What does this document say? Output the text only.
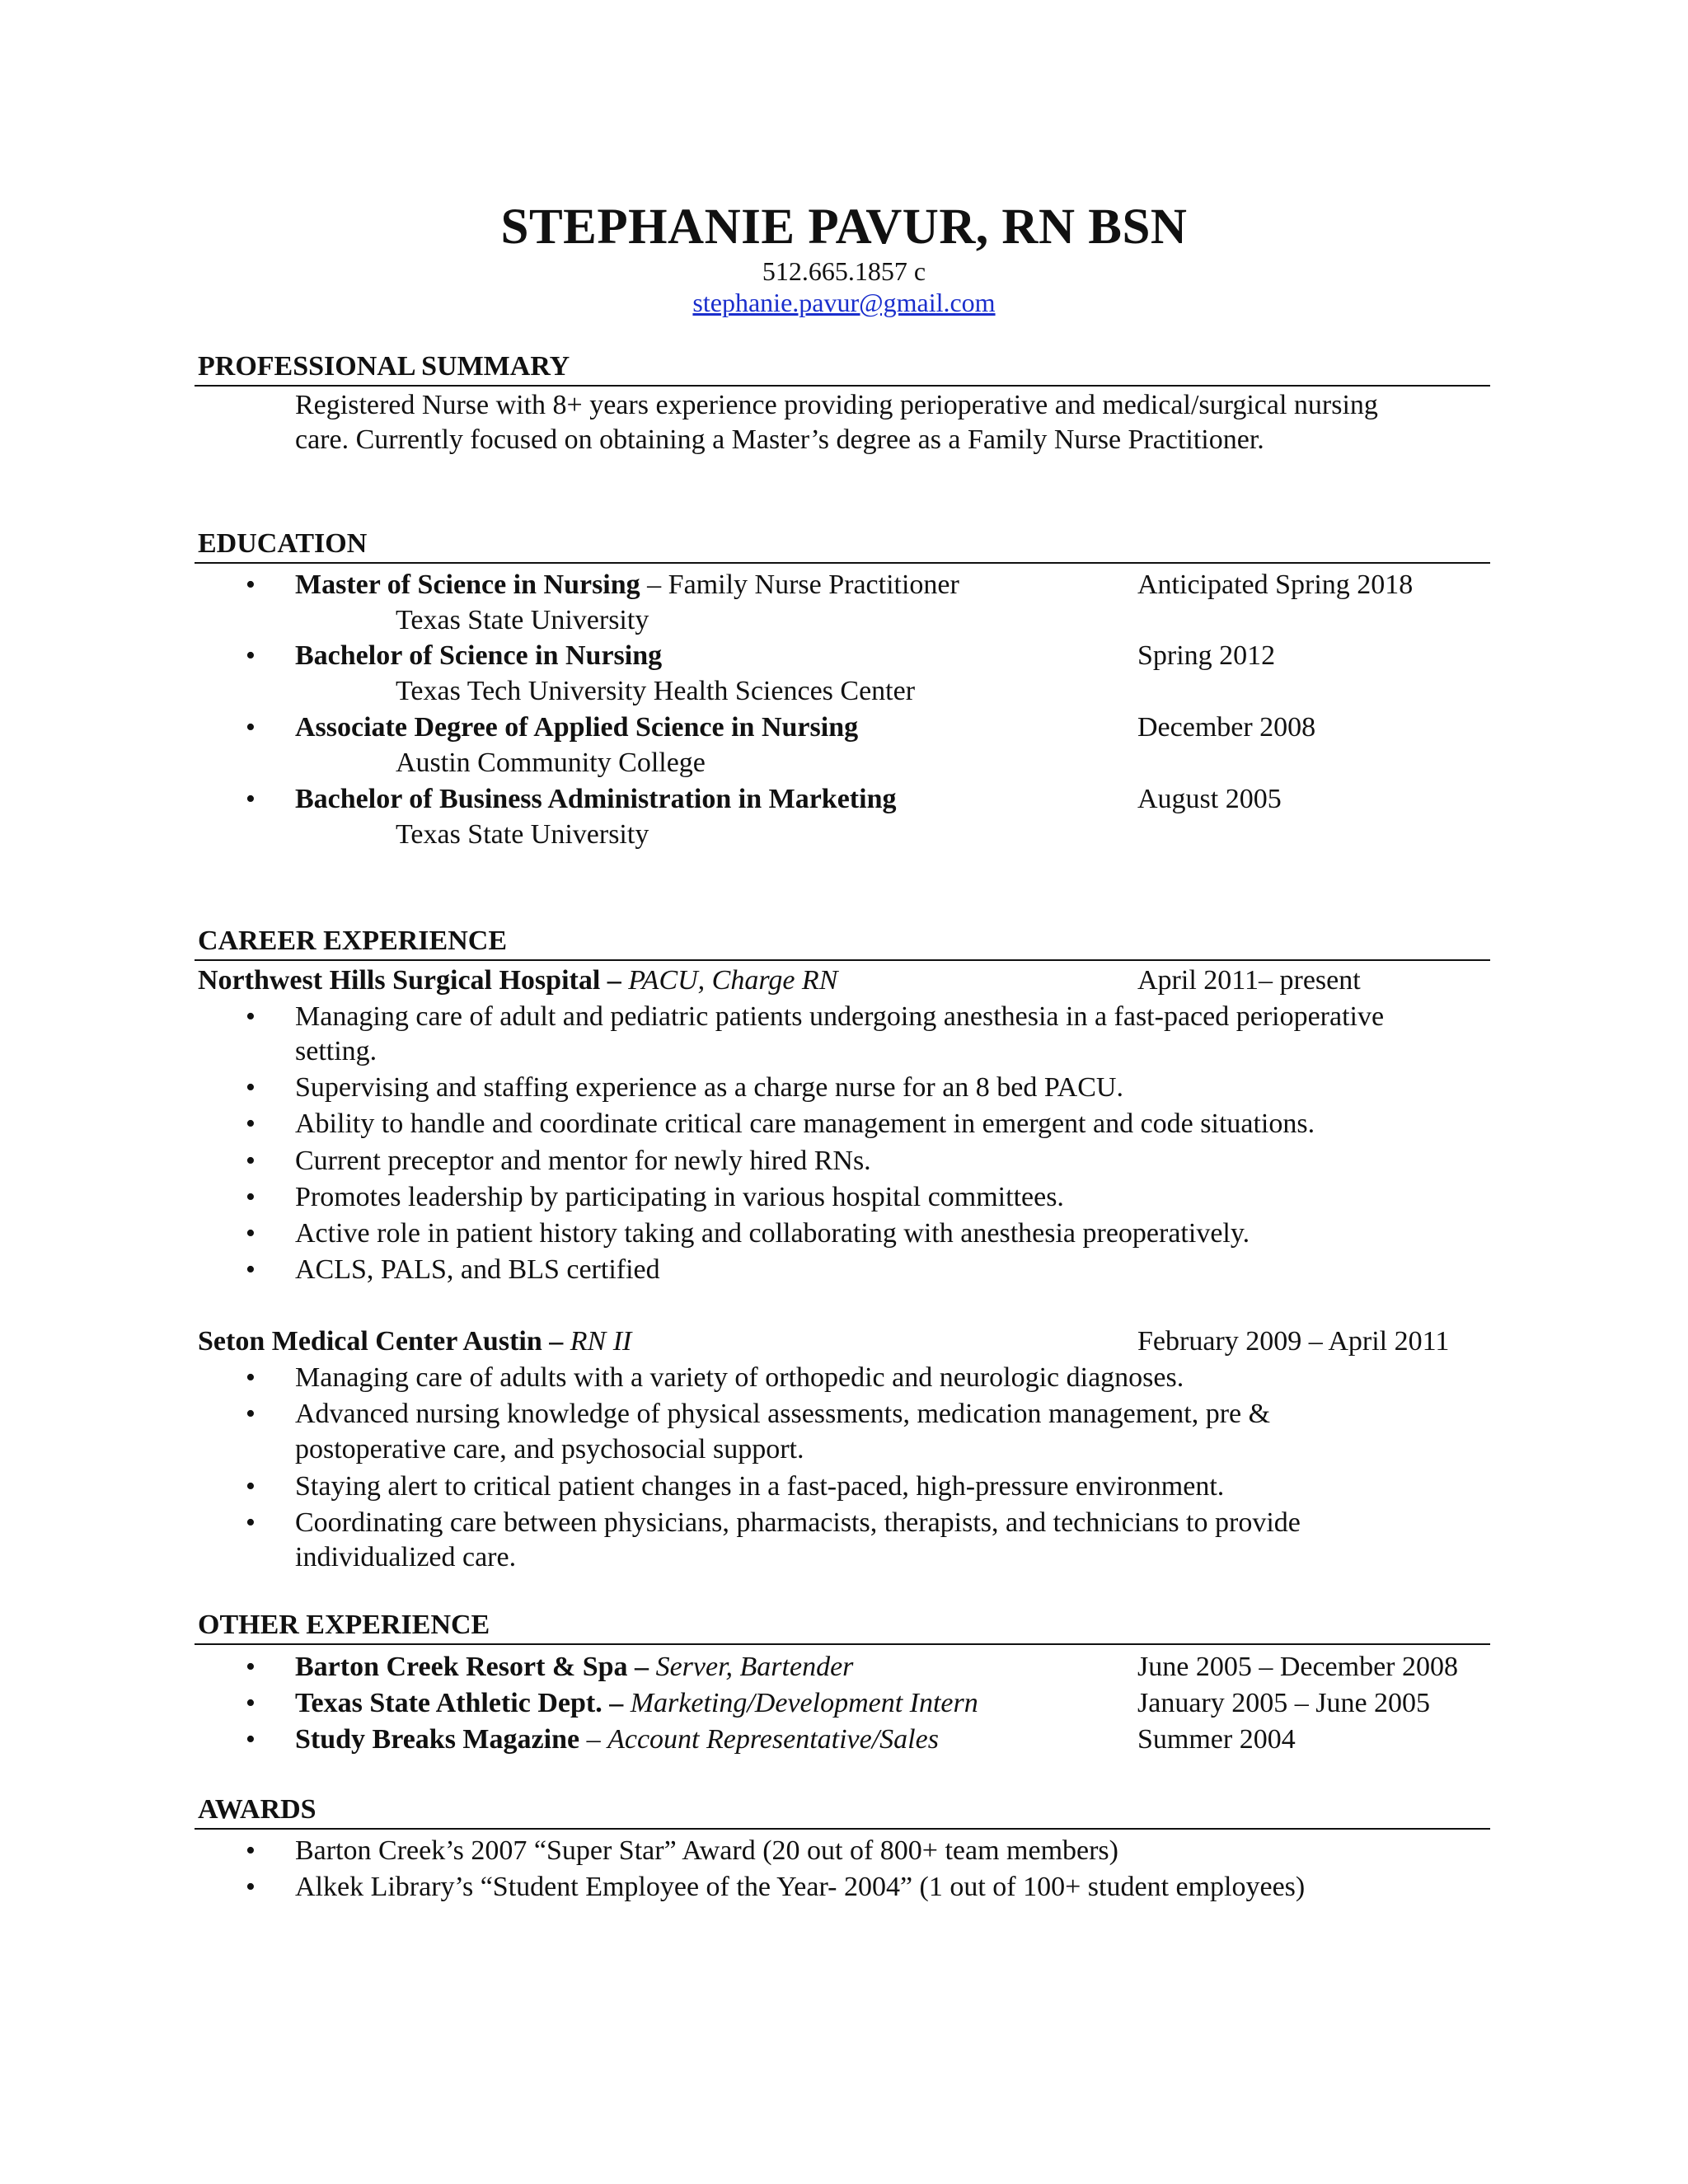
STEPHANIE PAVUR, RN BSN
512.665.1857 c
stephanie.pavur@gmail.com
PROFESSIONAL SUMMARY
Registered Nurse with 8+ years experience providing perioperative and medical/surgical nursing
care. Currently focused on obtaining a Master’s degree as a Family Nurse Practitioner.
EDUCATION
• Master of Science in Nursing – Family Nurse Practitioner	Anticipated Spring 2018
Texas State University
• Bachelor of Science in Nursing	Spring 2012
Texas Tech University Health Sciences Center
• Associate Degree of Applied Science in Nursing	December 2008
Austin Community College
• Bachelor of Business Administration in Marketing	August 2005
Texas State University
CAREER EXPERIENCE
Northwest Hills Surgical Hospital – PACU, Charge RN	April 2011– present
• Managing care of adult and pediatric patients undergoing anesthesia in a fast-paced perioperative
setting.
• Supervising and staffing experience as a charge nurse for an 8 bed PACU.
• Ability to handle and coordinate critical care management in emergent and code situations.
• Current preceptor and mentor for newly hired RNs.
• Promotes leadership by participating in various hospital committees.
• Active role in patient history taking and collaborating with anesthesia preoperatively.
• ACLS, PALS, and BLS certified
Seton Medical Center Austin – RN II	February 2009 – April 2011
• Managing care of adults with a variety of orthopedic and neurologic diagnoses.
• Advanced nursing knowledge of physical assessments, medication management, pre &
postoperative care, and psychosocial support.
• Staying alert to critical patient changes in a fast-paced, high-pressure environment.
• Coordinating care between physicians, pharmacists, therapists, and technicians to provide
individualized care.
OTHER EXPERIENCE
• Barton Creek Resort & Spa – Server, Bartender	June 2005 – December 2008
• Texas State Athletic Dept. – Marketing/Development Intern	January 2005 – June 2005
• Study Breaks Magazine – Account Representative/Sales	Summer 2004
AWARDS
• Barton Creek’s 2007 “Super Star” Award (20 out of 800+ team members)
• Alkek Library’s “Student Employee of the Year- 2004” (1 out of 100+ student employees)
